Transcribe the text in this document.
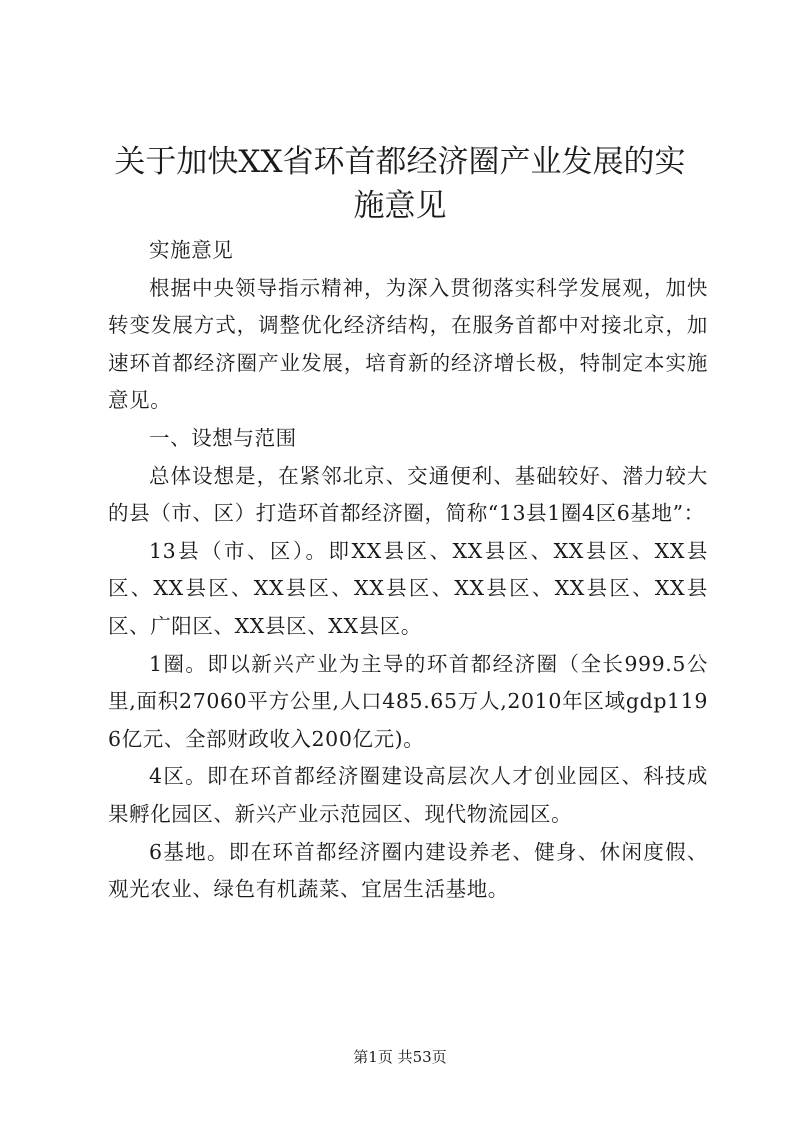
关于加快XX省环首都经济圈产业发展的实施意见

实施意见

根据中央领导指示精神，为深入贯彻落实科学发展观，加快转变发展方式，调整优化经济结构，在服务首都中对接北京，加速环首都经济圈产业发展，培育新的经济增长极，特制定本实施意见。

一、设想与范围

总体设想是，在紧邻北京、交通便利、基础较好、潜力较大的县（市、区）打造环首都经济圈，简称“13县1圈4区6基地”：

13县（市、区）。即XX县区、XX县区、XX县区、XX县区、XX县区、XX县区、XX县区、XX县区、XX县区、XX县区、广阳区、XX县区、XX县区。

1圈。即以新兴产业为主导的环首都经济圈（全长999.5公里,面积27060平方公里,人口485.65万人,2010年区域gdp1196亿元、全部财政收入200亿元)。

4区。即在环首都经济圈建设高层次人才创业园区、科技成果孵化园区、新兴产业示范园区、现代物流园区。

6基地。即在环首都经济圈内建设养老、健身、休闲度假、观光农业、绿色有机蔬菜、宜居生活基地。

第1页 共53页
